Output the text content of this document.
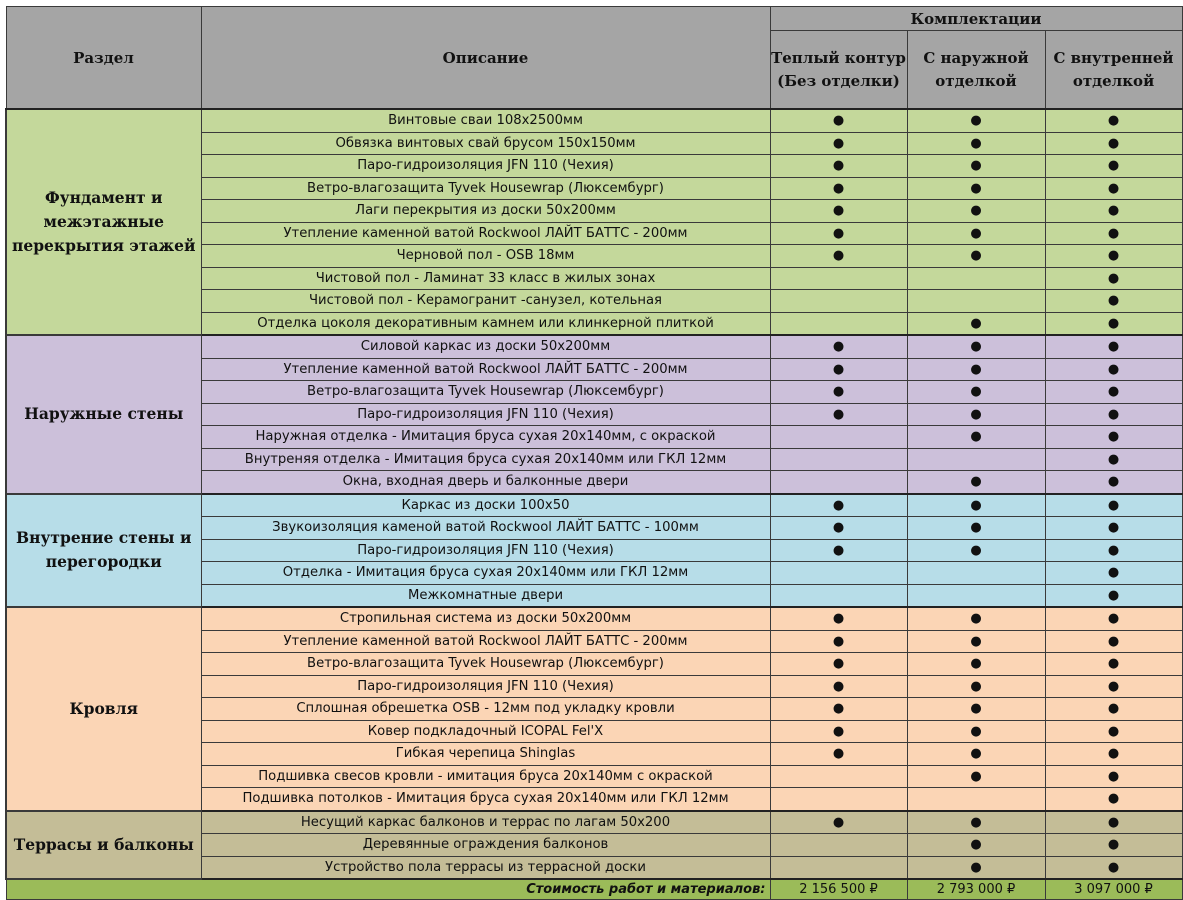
Раздел	Описание	Комплектации		
		Теплый контур (Без отделки)	С наружной отделкой	С внутренней отделкой
Фундамент и межэтажные перекрытия этажей	Винтовые сваи 108х2500мм	●	●	●
	Обвязка винтовых свай брусом 150х150мм	●	●	●
	Паро-гидроизоляция JFN 110 (Чехия)	●	●	●
	Ветро-влагозащита Tyvek Housewrap (Люксембург)	●	●	●
	Лаги перекрытия из доски 50х200мм	●	●	●
	Утепление каменной ватой Rockwool ЛАЙТ БАТТС - 200мм	●	●	●
	Черновой пол - OSB 18мм	●	●	●
	Чистовой пол - Ламинат 33 класс в жилых зонах			●
	Чистовой пол - Керамогранит -санузел, котельная			●
	Отделка цоколя декоративным камнем или клинкерной плиткой		●	●
Наружные стены	Силовой каркас из доски 50х200мм	●	●	●
	Утепление каменной ватой Rockwool ЛАЙТ БАТТС - 200мм	●	●	●
	Ветро-влагозащита Tyvek Housewrap (Люксембург)	●	●	●
	Паро-гидроизоляция JFN 110 (Чехия)	●	●	●
	Наружная отделка - Имитация бруса сухая 20х140мм, с окраской		●	●
	Внутреняя отделка - Имитация бруса сухая 20х140мм или ГКЛ 12мм			●
	Окна, входная дверь и балконные двери		●	●
Внутрение стены и перегородки	Каркас из доски 100х50	●	●	●
	Звукоизоляция каменой ватой Rockwool ЛАЙТ БАТТС - 100мм	●	●	●
	Паро-гидроизоляция JFN 110 (Чехия)	●	●	●
	Отделка - Имитация бруса сухая 20х140мм или ГКЛ 12мм			●
	Межкомнатные двери			●
Кровля	Стропильная система из доски 50х200мм	●	●	●
	Утепление каменной ватой Rockwool ЛАЙТ БАТТС - 200мм	●	●	●
	Ветро-влагозащита Tyvek Housewrap (Люксембург)	●	●	●
	Паро-гидроизоляция JFN 110 (Чехия)	●	●	●
	Сплошная обрешетка OSB - 12мм под укладку кровли	●	●	●
	Ковер подкладочный ICOPAL Fel'X	●	●	●
	Гибкая черепица Shinglas	●	●	●
	Подшивка свесов кровли - имитация бруса 20х140мм с окраской		●	●
	Подшивка потолков - Имитация бруса сухая 20х140мм или ГКЛ 12мм			●
Террасы и балконы	Несущий каркас балконов и террас по лагам 50х200	●	●	●
	Деревянные ограждения балконов		●	●
	Устройство пола террасы из террасной доски		●	●
Стоимость работ и материалов:		2 156 500 ₽	2 793 000 ₽	3 097 000 ₽
